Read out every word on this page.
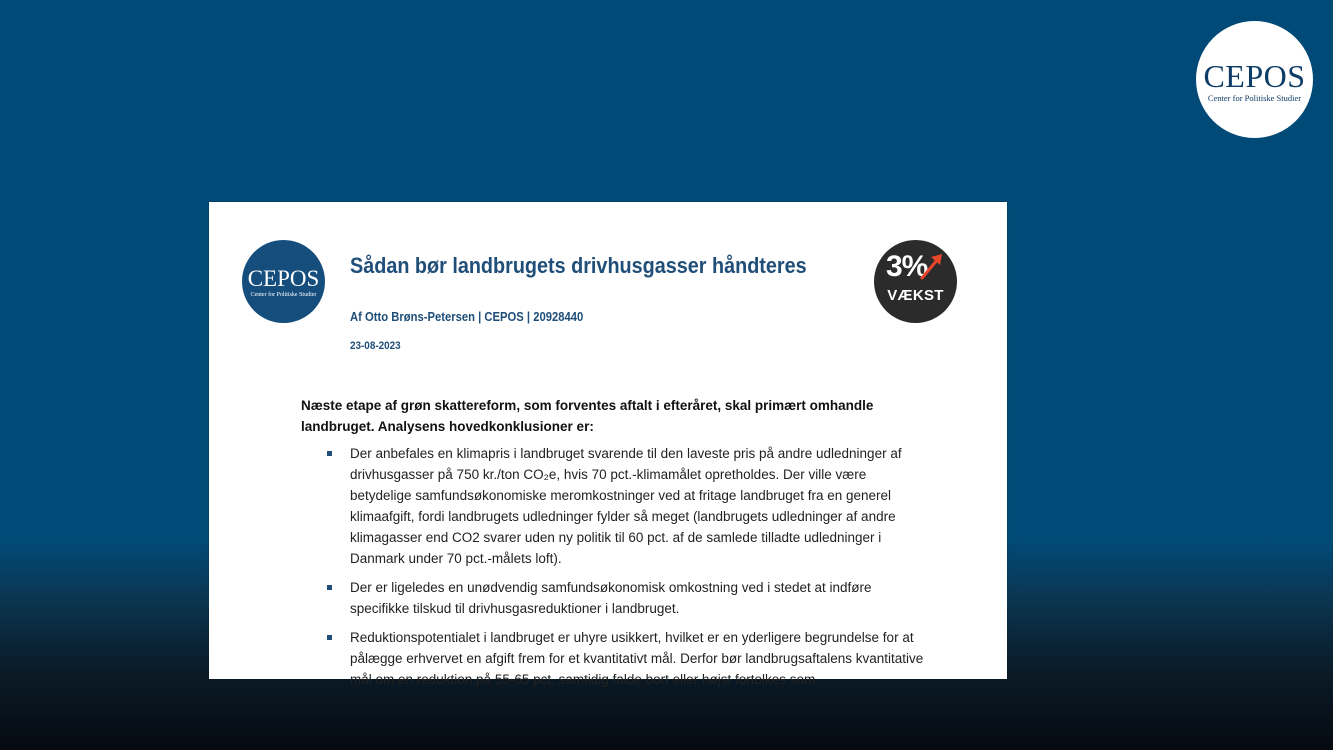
CEPOS
Center for Politiske Studier
CEPOS
Center for Politiske Studier
Sådan bør landbrugets drivhusgasser håndteres
Af Otto Brøns-Petersen | CEPOS | 20928440
23-08-2023
3%
VÆKST

Næste etape af grøn skattereform, som forventes aftalt i efteråret, skal primært omhandle landbruget. Analysens hovedkonklusioner er:

Der anbefales en klimapris i landbruget svarende til den laveste pris på andre udledninger af drivhusgasser på 750 kr./ton CO₂e, hvis 70 pct.-klimamålet opretholdes. Der ville være betydelige samfundsøkonomiske meromkostninger ved at fritage landbruget fra en generel klimaafgift, fordi landbrugets udledninger fylder så meget (landbrugets udledninger af andre klimagasser end CO2 svarer uden ny politik til 60 pct. af de samlede tilladte udledninger i Danmark under 70 pct.-målets loft).
Der er ligeledes en unødvendig samfundsøkonomisk omkostning ved i stedet at indføre specifikke tilskud til drivhusgasreduktioner i landbruget.
Reduktionspotentialet i landbruget er uhyre usikkert, hvilket er en yderligere begrundelse for at pålægge erhvervet en afgift frem for et kvantitativt mål. Derfor bør landbrugsaftalens kvantitative mål om en reduktion på 55-65 pct. samtidig falde bort eller højst fortolkes som
